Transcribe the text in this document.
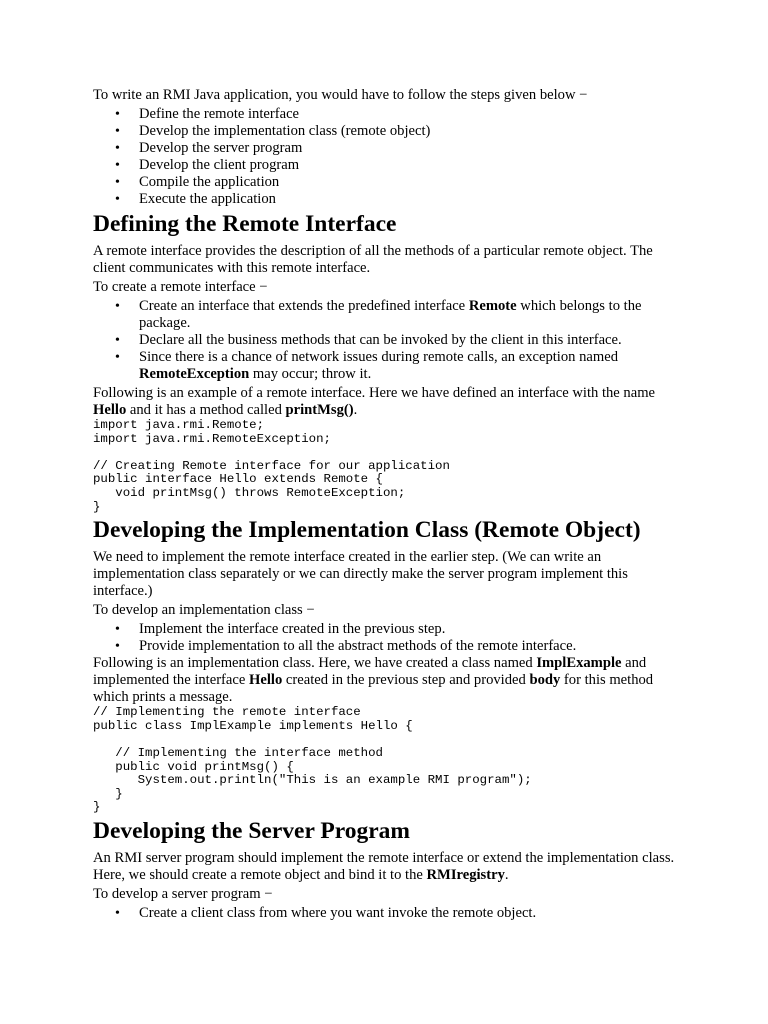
To write an RMI Java application, you would have to follow the steps given below −

• Define the remote interface
• Develop the implementation class (remote object)
• Develop the server program
• Develop the client program
• Compile the application
• Execute the application
Defining the Remote Interface

A remote interface provides the description of all the methods of a particular remote object. The client communicates with this remote interface.

To create a remote interface −

• Create an interface that extends the predefined interface Remote which belongs to the package.
• Declare all the business methods that can be invoked by the client in this interface.
• Since there is a chance of network issues during remote calls, an exception named RemoteException may occur; throw it.

Following is an example of a remote interface. Here we have defined an interface with the name Hello and it has a method called printMsg().

import java.rmi.Remote;
import java.rmi.RemoteException;

// Creating Remote interface for our application
public interface Hello extends Remote {
void printMsg() throws RemoteException;
}
Developing the Implementation Class (Remote Object)

We need to implement the remote interface created in the earlier step. (We can write an implementation class separately or we can directly make the server program implement this interface.)

To develop an implementation class −

• Implement the interface created in the previous step.
• Provide implementation to all the abstract methods of the remote interface.

Following is an implementation class. Here, we have created a class named ImplExample and implemented the interface Hello created in the previous step and provided body for this method which prints a message.

// Implementing the remote interface
public class ImplExample implements Hello {

// Implementing the interface method
public void printMsg() {
System.out.println("This is an example RMI program");
}
}
Developing the Server Program

An RMI server program should implement the remote interface or extend the implementation class. Here, we should create a remote object and bind it to the RMIregistry.

To develop a server program −

• Create a client class from where you want invoke the remote object.
